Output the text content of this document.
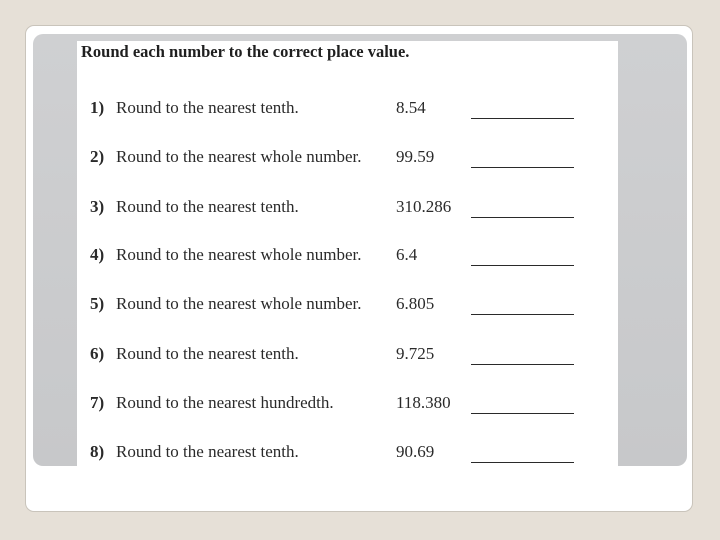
Round each number to the correct place value.
1) Round to the nearest tenth.	8.54
2) Round to the nearest whole number. 99.59
3) Round to the nearest tenth.	310.286
4) Round to the nearest whole number. 6.4
5) Round to the nearest whole number. 6.805
6) Round to the nearest tenth.	9.725
7) Round to the nearest hundredth.	118.380
8) Round to the nearest tenth.	90.69
